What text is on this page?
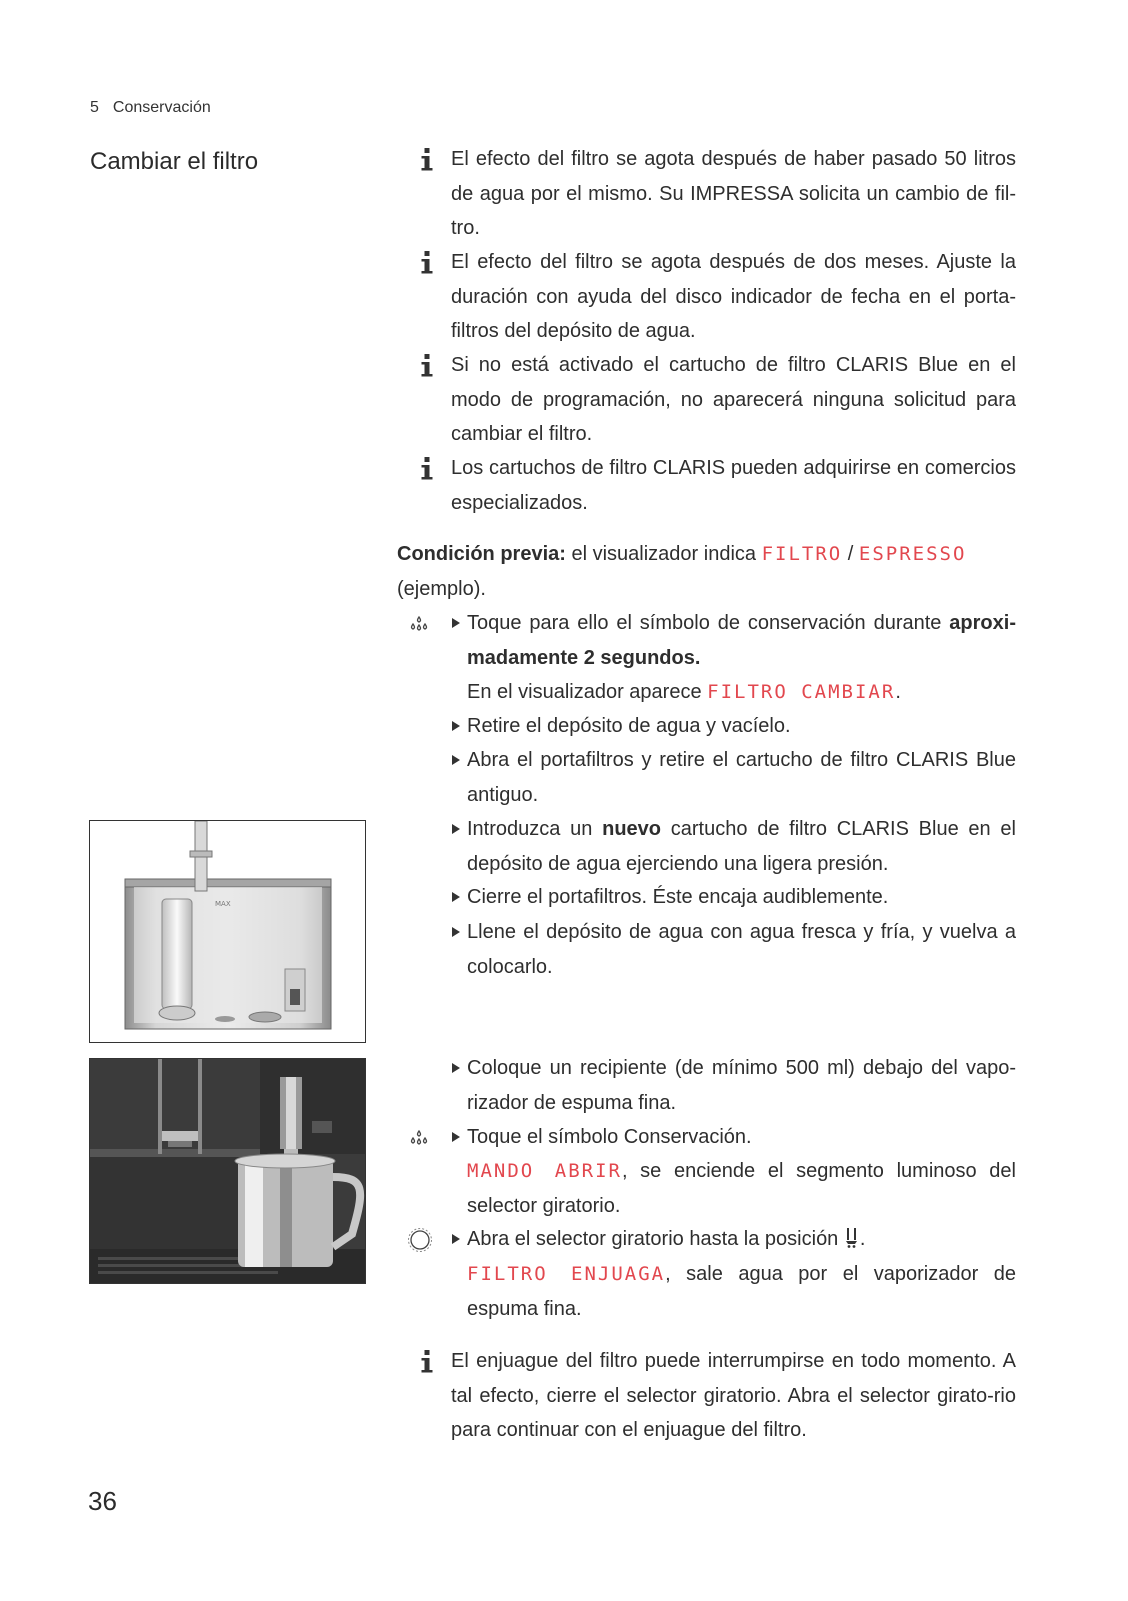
5 Conservación
Cambiar el filtro	El efecto del filtro se agota después de haber pasado 50 litros de agua por el mismo. Su IMPRESSA solicita un cambio de fil-tro.
El efecto del filtro se agota después de dos meses. Ajuste la duración con ayuda del disco indicador de fecha en el porta-filtros del depósito de agua.
Si no está activado el cartucho de filtro CLARIS Blue en el modo de programación, no aparecerá ninguna solicitud para cambiar el filtro.
Los cartuchos de filtro CLARIS pueden adquirirse en comercios especializados.
Condición previa: el visualizador indica FILTRO / ESPRESSO
(ejemplo).
Toque para ello el símbolo de conservación durante aproxi-madamente 2 segundos.
En el visualizador aparece FILTRO CAMBIAR.
Retire el depósito de agua y vacíelo.
Abra el portafiltros y retire el cartucho de filtro CLARIS Blue antiguo.
Introduzca un nuevo cartucho de filtro CLARIS Blue en el depósito de agua ejerciendo una ligera presión.
Cierre el portafiltros. Éste encaja audiblemente.
Llene el depósito de agua con agua fresca y fría, y vuelva a colocarlo.
MAX
Coloque un recipiente (de mínimo 500 ml) debajo del vapo-rizador de espuma fina.
Toque el símbolo Conservación.
MANDO ABRIR, se enciende el segmento luminoso del selector giratorio.
Abra el selector giratorio hasta la posición .
FILTRO ENJUAGA, sale agua por el vaporizador de espuma fina.
El enjuague del filtro puede interrumpirse en todo momento. A tal efecto, cierre el selector giratorio. Abra el selector girato-rio para continuar con el enjuague del filtro.
36
